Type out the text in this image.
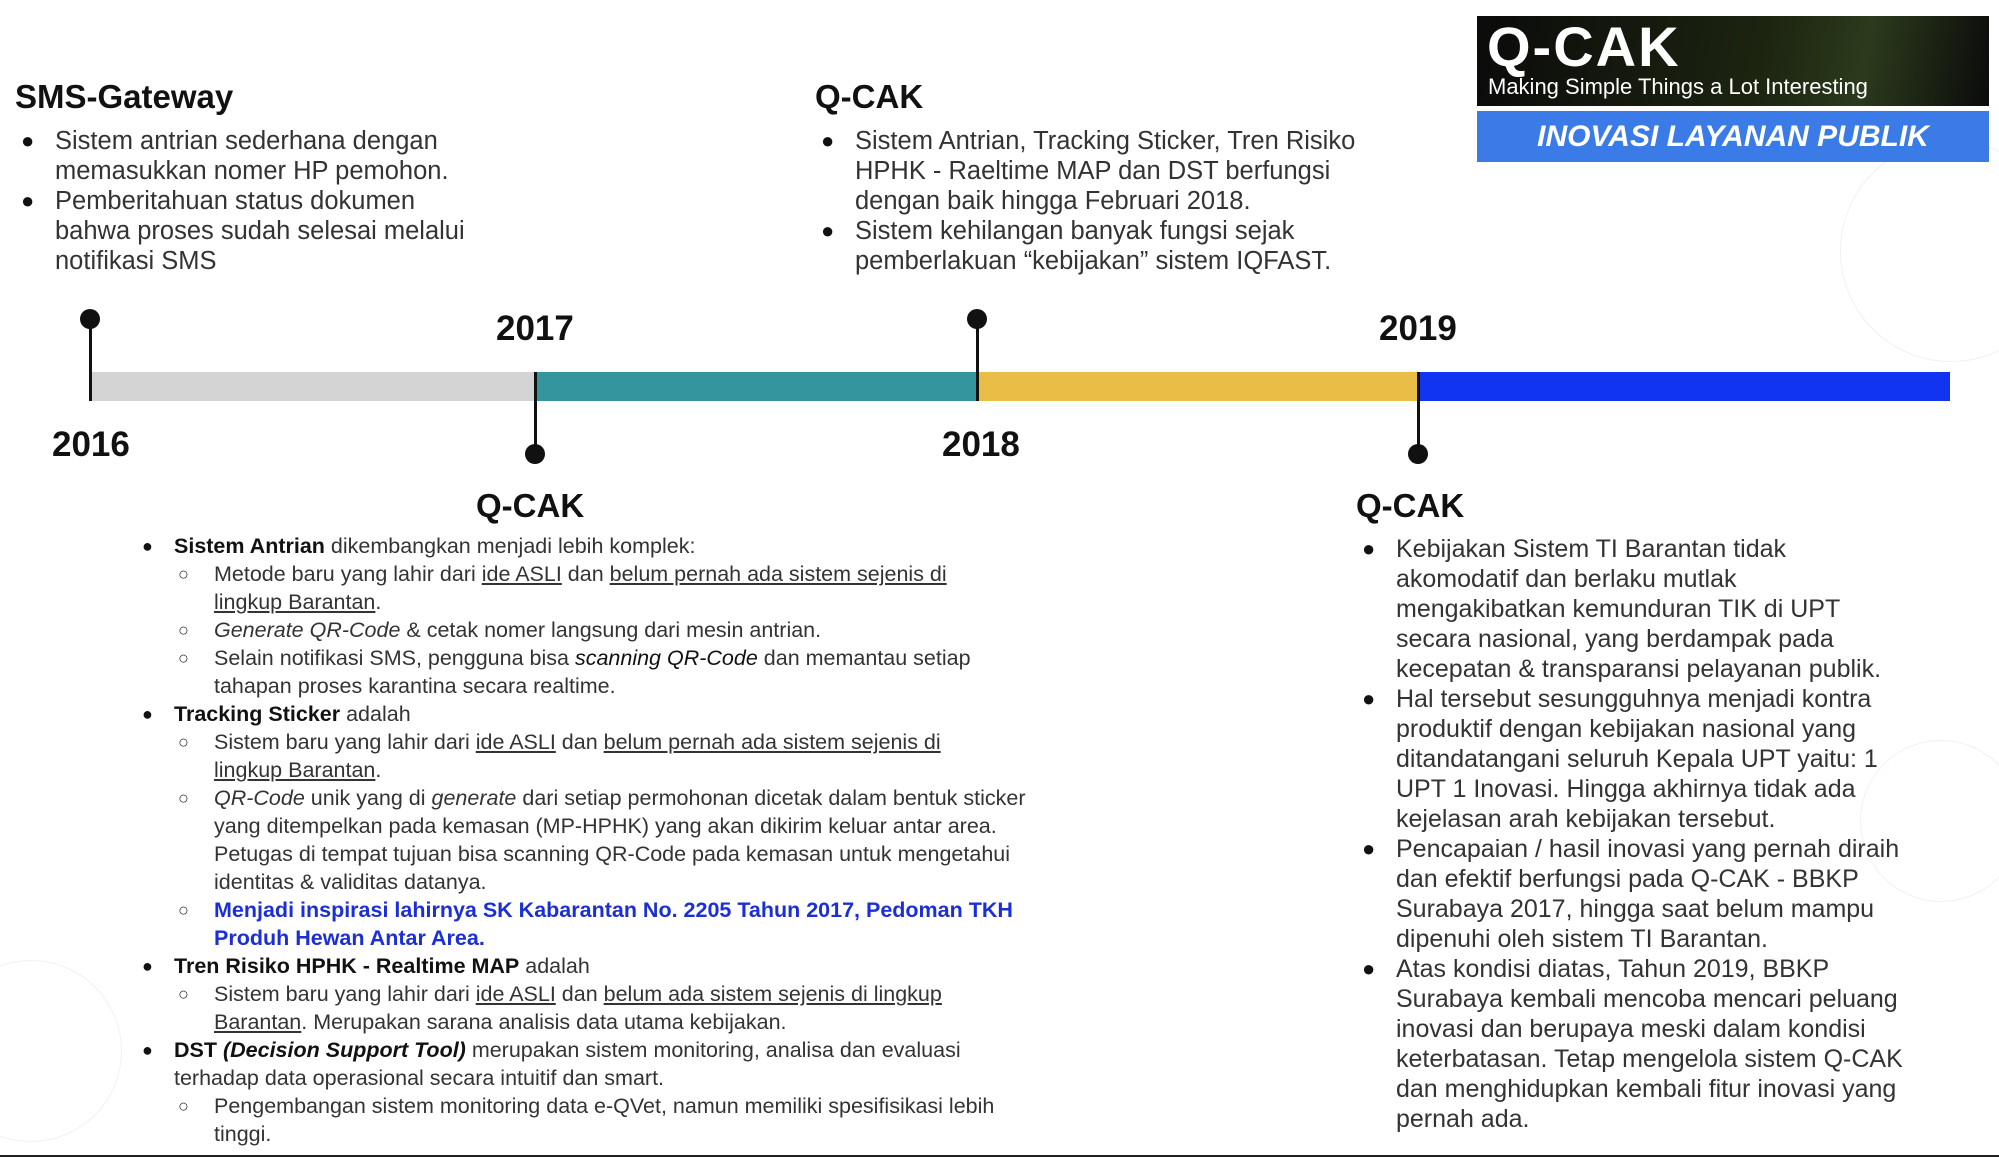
Q-CAK
Making Simple Things a Lot Interesting
INOVASI LAYANAN PUBLIK
SMS-Gateway
● Sistem antrian sederhana dengan memasukkan nomer HP pemohon.
● Pemberitahuan status dokumen bahwa proses sudah selesai melalui notifikasi SMS
Q-CAK
● Sistem Antrian, Tracking Sticker, Tren Risiko HPHK - Raeltime MAP dan DST berfungsi dengan baik hingga Februari 2018.
● Sistem kehilangan banyak fungsi sejak pemberlakuan “kebijakan” sistem IQFAST.
2016
2017
2018
2019
Q-CAK
● Sistem Antrian dikembangkan menjadi lebih komplek:
○ Metode baru yang lahir dari ide ASLI dan belum pernah ada sistem sejenis di lingkup Barantan.
○ Generate QR-Code & cetak nomer langsung dari mesin antrian.
○ Selain notifikasi SMS, pengguna bisa scanning QR-Code dan memantau setiap tahapan proses karantina secara realtime.
● Tracking Sticker adalah
○ Sistem baru yang lahir dari ide ASLI dan belum pernah ada sistem sejenis di lingkup Barantan.
○ QR-Code unik yang di generate dari setiap permohonan dicetak dalam bentuk sticker yang ditempelkan pada kemasan (MP-HPHK) yang akan dikirim keluar antar area. Petugas di tempat tujuan bisa scanning QR-Code pada kemasan untuk mengetahui identitas & validitas datanya.
○ Menjadi inspirasi lahirnya SK Kabarantan No. 2205 Tahun 2017, Pedoman TKH Produh Hewan Antar Area.
● Tren Risiko HPHK - Realtime MAP adalah
○ Sistem baru yang lahir dari ide ASLI dan belum ada sistem sejenis di lingkup Barantan. Merupakan sarana analisis data utama kebijakan.
● DST (Decision Support Tool) merupakan sistem monitoring, analisa dan evaluasi terhadap data operasional secara intuitif dan smart.
○ Pengembangan sistem monitoring data e-QVet, namun memiliki spesifisikasi lebih tinggi.
Q-CAK
● Kebijakan Sistem TI Barantan tidak akomodatif dan berlaku mutlak mengakibatkan kemunduran TIK di UPT secara nasional, yang berdampak pada kecepatan & transparansi pelayanan publik.
● Hal tersebut sesungguhnya menjadi kontra produktif dengan kebijakan nasional yang ditandatangani seluruh Kepala UPT yaitu: 1 UPT 1 Inovasi. Hingga akhirnya tidak ada kejelasan arah kebijakan tersebut.
● Pencapaian / hasil inovasi yang pernah diraih dan efektif berfungsi pada Q-CAK - BBKP Surabaya 2017, hingga saat belum mampu dipenuhi oleh sistem TI Barantan.
● Atas kondisi diatas, Tahun 2019, BBKP Surabaya kembali mencoba mencari peluang inovasi dan berupaya meski dalam kondisi keterbatasan. Tetap mengelola sistem Q-CAK dan menghidupkan kembali fitur inovasi yang pernah ada.
